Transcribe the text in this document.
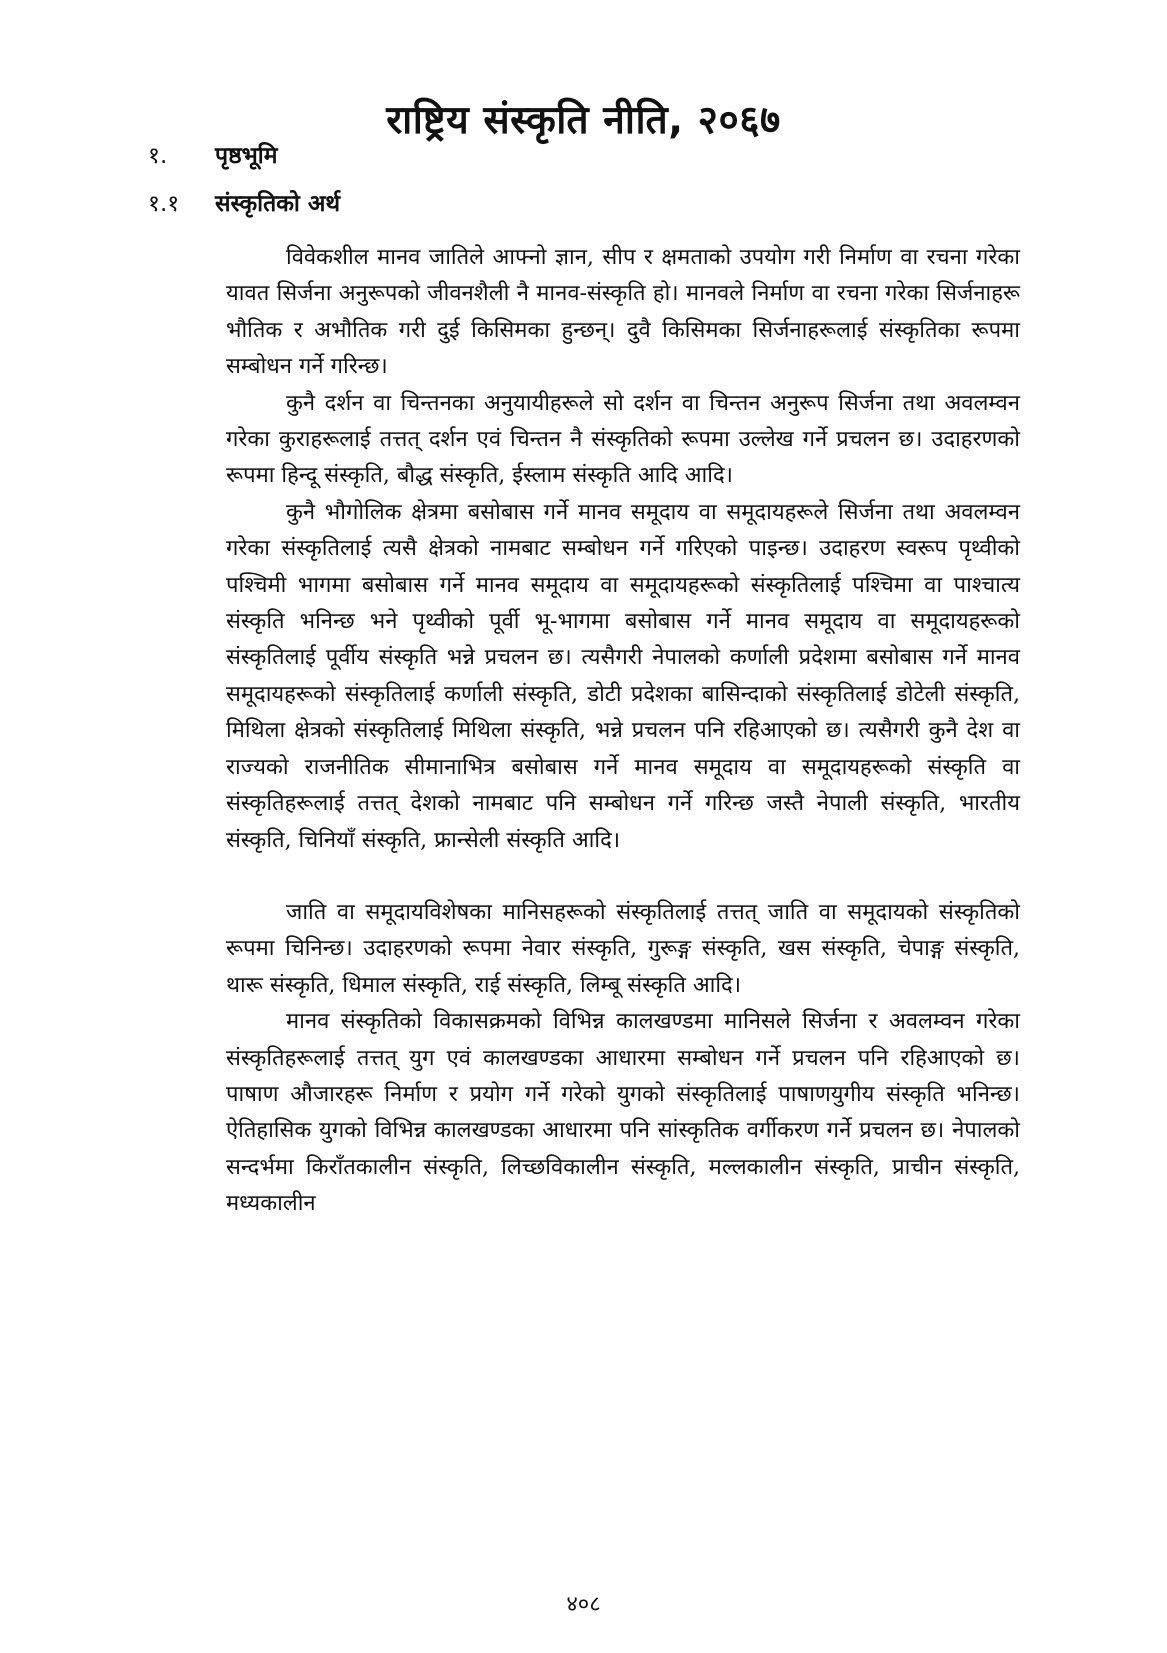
राष्ट्रिय संस्कृति नीति, २०६७
१. पृष्ठभूमि
१.१ संस्कृतिको अर्थ

विवेकशील मानव जातिले आफ्नो ज्ञान, सीप र क्षमताको उपयोग गरी निर्माण वा रचना गरेका यावत सिर्जना अनुरूपको जीवनशैली नै मानव-संस्कृति हो। मानवले निर्माण वा रचना गरेका सिर्जनाहरू भौतिक र अभौतिक गरी दुई किसिमका हुन्छन्। दुवै किसिमका सिर्जनाहरूलाई संस्कृतिका रूपमा सम्बोधन गर्ने गरिन्छ।

कुनै दर्शन वा चिन्तनका अनुयायीहरूले सो दर्शन वा चिन्तन अनुरूप सिर्जना तथा अवलम्वन गरेका कुराहरूलाई तत्तत् दर्शन एवं चिन्तन नै संस्कृतिको रूपमा उल्लेख गर्ने प्रचलन छ। उदाहरणको रूपमा हिन्दू संस्कृति, बौद्ध संस्कृति, ईस्लाम संस्कृति आदि आदि।

कुनै भौगोलिक क्षेत्रमा बसोबास गर्ने मानव समूदाय वा समूदायहरूले सिर्जना तथा अवलम्वन गरेका संस्कृतिलाई त्यसै क्षेत्रको नामबाट सम्बोधन गर्ने गरिएको पाइन्छ। उदाहरण स्वरूप पृथ्वीको पश्चिमी भागमा बसोबास गर्ने मानव समूदाय वा समूदायहरूको संस्कृतिलाई पश्चिमा वा पाश्चात्य संस्कृति भनिन्छ भने पृथ्वीको पूर्वी भू-भागमा बसोबास गर्ने मानव समूदाय वा समूदायहरूको संस्कृतिलाई पूर्वीय संस्कृति भन्ने प्रचलन छ। त्यसैगरी नेपालको कर्णाली प्रदेशमा बसोबास गर्ने मानव समूदायहरूको संस्कृतिलाई कर्णाली संस्कृति, डोटी प्रदेशका बासिन्दाको संस्कृतिलाई डोटेली संस्कृति, मिथिला क्षेत्रको संस्कृतिलाई मिथिला संस्कृति, भन्ने प्रचलन पनि रहिआएको छ। त्यसैगरी कुनै देश वा राज्यको राजनीतिक सीमानाभित्र बसोबास गर्ने मानव समूदाय वा समूदायहरूको संस्कृति वा संस्कृतिहरूलाई तत्तत् देशको नामबाट पनि सम्बोधन गर्ने गरिन्छ जस्तै नेपाली संस्कृति, भारतीय संस्कृति, चिनियाँ संस्कृति, फ्रान्सेली संस्कृति आदि।

जाति वा समूदायविशेषका मानिसहरूको संस्कृतिलाई तत्तत् जाति वा समूदायको संस्कृतिको रूपमा चिनिन्छ। उदाहरणको रूपमा नेवार संस्कृति, गुरूङ्ग संस्कृति, खस संस्कृति, चेपाङ्ग संस्कृति, थारू संस्कृति, धिमाल संस्कृति, राई संस्कृति, लिम्बू संस्कृति आदि।

मानव संस्कृतिको विकासक्रमको विभिन्न कालखण्डमा मानिसले सिर्जना र अवलम्वन गरेका संस्कृतिहरूलाई तत्तत् युग एवं कालखण्डका आधारमा सम्बोधन गर्ने प्रचलन पनि रहिआएको छ। पाषाण औजारहरू निर्माण र प्रयोग गर्ने गरेको युगको संस्कृतिलाई पाषाणयुगीय संस्कृति भनिन्छ। ऐतिहासिक युगको विभिन्न कालखण्डका आधारमा पनि सांस्कृतिक वर्गीकरण गर्ने प्रचलन छ। नेपालको सन्दर्भमा किराँतकालीन संस्कृति, लिच्छविकालीन संस्कृति, मल्लकालीन संस्कृति, प्राचीन संस्कृति, मध्यकालीन

४०८
